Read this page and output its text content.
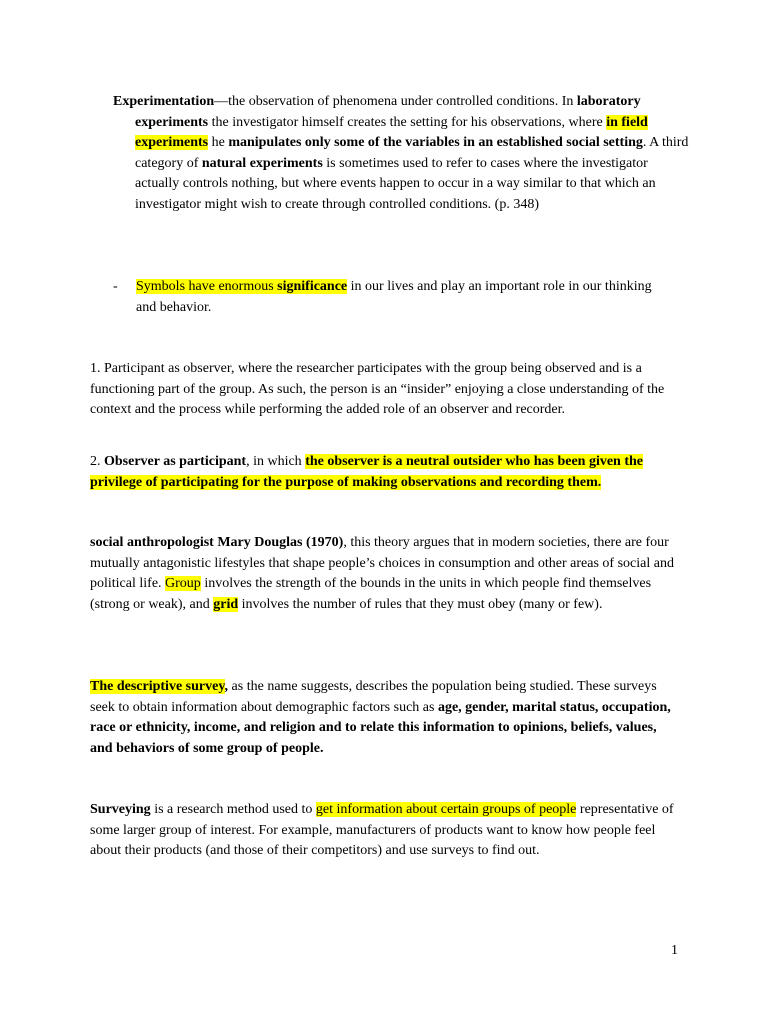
Experimentation—the observation of phenomena under controlled conditions. In laboratory experiments the investigator himself creates the setting for his observations, where in field experiments he manipulates only some of the variables in an established social setting. A third category of natural experiments is sometimes used to refer to cases where the investigator actually controls nothing, but where events happen to occur in a way similar to that which an investigator might wish to create through controlled conditions. (p. 348)

- Symbols have enormous significance in our lives and play an important role in our thinking and behavior.

1. Participant as observer, where the researcher participates with the group being observed and is a functioning part of the group. As such, the person is an “insider” enjoying a close understanding of the context and the process while performing the added role of an observer and recorder.

2. Observer as participant, in which the observer is a neutral outsider who has been given the privilege of participating for the purpose of making observations and recording them.

social anthropologist Mary Douglas (1970), this theory argues that in modern societies, there are four mutually antagonistic lifestyles that shape people’s choices in consumption and other areas of social and political life. Group involves the strength of the bounds in the units in which people find themselves (strong or weak), and grid involves the number of rules that they must obey (many or few).

The descriptive survey, as the name suggests, describes the population being studied. These surveys seek to obtain information about demographic factors such as age, gender, marital status, occupation, race or ethnicity, income, and religion and to relate this information to opinions, beliefs, values, and behaviors of some group of people.

Surveying is a research method used to get information about certain groups of people representative of some larger group of interest. For example, manufacturers of products want to know how people feel about their products (and those of their competitors) and use surveys to find out.

1
